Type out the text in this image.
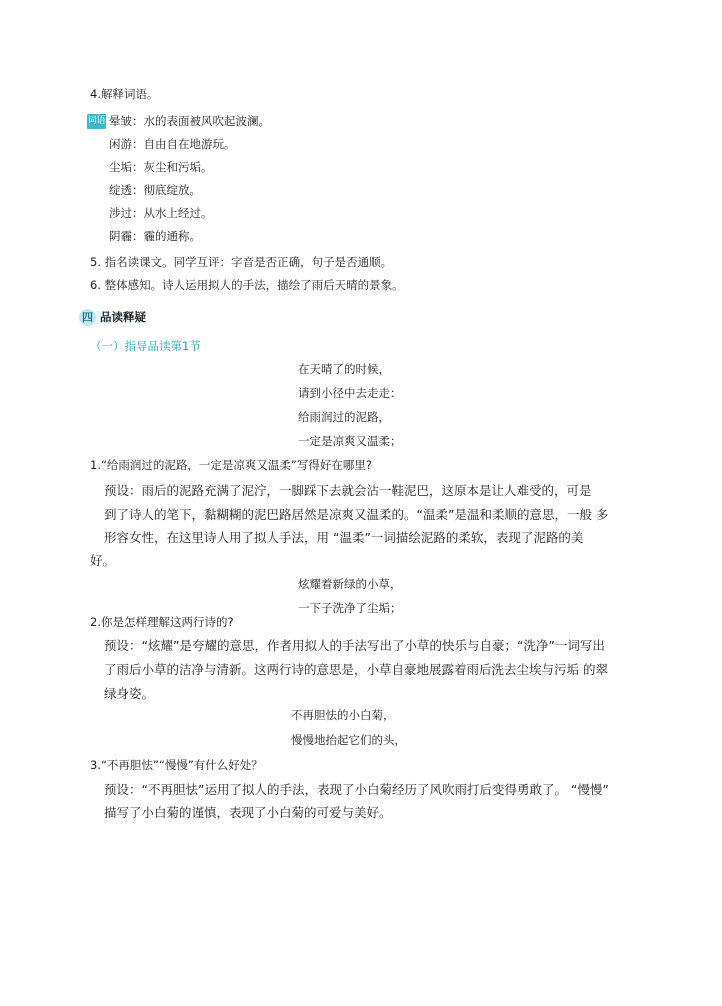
4.解释词语。
词语 晕皱：水的表面被风吹起波澜。
闲游：自由自在地游玩。
尘垢：灰尘和污垢。
绽透：彻底绽放。
涉过：从水上经过。
阴霾：霾的通称。
5. 指名读课文。同学互评：字音是否正确，句子是否通顺。
6. 整体感知。诗人运用拟人的手法，描绘了雨后天晴的景象。
四 品读释疑
（一）指导品读第1节
在天晴了的时候，
请到小径中去走走：
给雨润过的泥路，
一定是凉爽又温柔；
1.“给雨润过的泥路，一定是凉爽又温柔”写得好在哪里?
预设：雨后的泥路充满了泥泞，一脚踩下去就会沾一鞋泥巴，这原本是让人难受的，可是
到了诗人的笔下，黏糊糊的泥巴路居然是凉爽又温柔的。“温柔”是温和柔顺的意思，一般 多
形容女性，在这里诗人用了拟人手法，用 “温柔”一词描绘泥路的柔软，表现了泥路的美
好。
炫耀着新绿的小草，
一下子洗净了尘垢；
2.你是怎样理解这两行诗的?
预设：“炫耀”是夸耀的意思，作者用拟人的手法写出了小草的快乐与自豪；“洗净”一词写出
了雨后小草的洁净与清新。这两行诗的意思是，小草自豪地展露着雨后洗去尘埃与污垢 的翠
绿身姿。
不再胆怯的小白菊，
慢慢地抬起它们的头，
3.“不再胆怯”“慢慢”有什么好处？
预设：“不再胆怯”运用了拟人的手法，表现了小白菊经历了风吹雨打后变得勇敢了。 “慢慢”
描写了小白菊的谨慎，表现了小白菊的可爱与美好。
